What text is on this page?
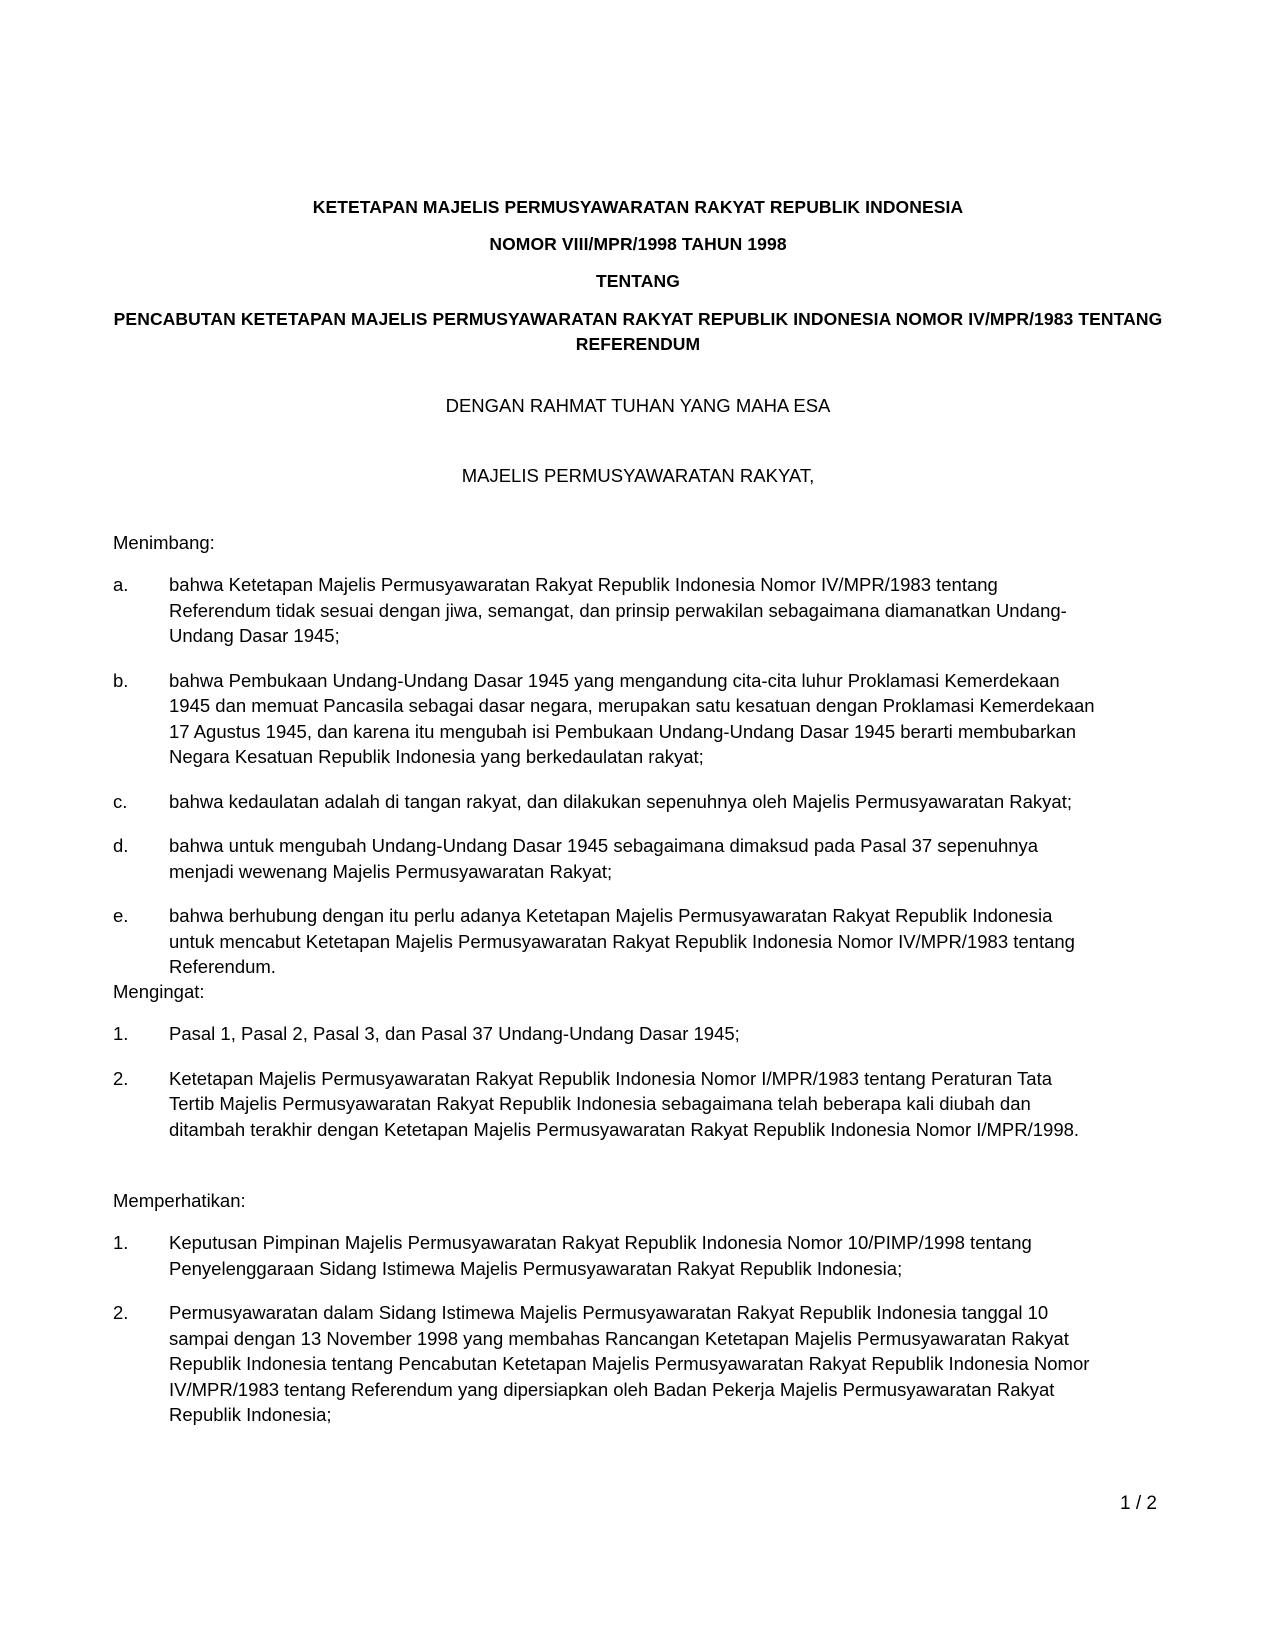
KETETAPAN MAJELIS PERMUSYAWARATAN RAKYAT REPUBLIK INDONESIA
NOMOR VIII/MPR/1998 TAHUN 1998
TENTANG
PENCABUTAN KETETAPAN MAJELIS PERMUSYAWARATAN RAKYAT REPUBLIK INDONESIA NOMOR IV/MPR/1983 TENTANG REFERENDUM
DENGAN RAHMAT TUHAN YANG MAHA ESA
MAJELIS PERMUSYAWARATAN RAKYAT,
Menimbang:
a.	bahwa Ketetapan Majelis Permusyawaratan Rakyat Republik Indonesia Nomor IV/MPR/1983 tentang Referendum tidak sesuai dengan jiwa, semangat, dan prinsip perwakilan sebagaimana diamanatkan Undang-Undang Dasar 1945;
b.	bahwa Pembukaan Undang-Undang Dasar 1945 yang mengandung cita-cita luhur Proklamasi Kemerdekaan 1945 dan memuat Pancasila sebagai dasar negara, merupakan satu kesatuan dengan Proklamasi Kemerdekaan 17 Agustus 1945, dan karena itu mengubah isi Pembukaan Undang-Undang Dasar 1945 berarti membubarkan Negara Kesatuan Republik Indonesia yang berkedaulatan rakyat;
c.	bahwa kedaulatan adalah di tangan rakyat, dan dilakukan sepenuhnya oleh Majelis Permusyawaratan Rakyat;
d.	bahwa untuk mengubah Undang-Undang Dasar 1945 sebagaimana dimaksud pada Pasal 37 sepenuhnya menjadi wewenang Majelis Permusyawaratan Rakyat;
e.	bahwa berhubung dengan itu perlu adanya Ketetapan Majelis Permusyawaratan Rakyat Republik Indonesia untuk mencabut Ketetapan Majelis Permusyawaratan Rakyat Republik Indonesia Nomor IV/MPR/1983 tentang Referendum.
Mengingat:
1.	Pasal 1, Pasal 2, Pasal 3, dan Pasal 37 Undang-Undang Dasar 1945;
2.	Ketetapan Majelis Permusyawaratan Rakyat Republik Indonesia Nomor I/MPR/1983 tentang Peraturan Tata Tertib Majelis Permusyawaratan Rakyat Republik Indonesia sebagaimana telah beberapa kali diubah dan ditambah terakhir dengan Ketetapan Majelis Permusyawaratan Rakyat Republik Indonesia Nomor I/MPR/1998.
Memperhatikan:
1.	Keputusan Pimpinan Majelis Permusyawaratan Rakyat Republik Indonesia Nomor 10/PIMP/1998 tentang Penyelenggaraan Sidang Istimewa Majelis Permusyawaratan Rakyat Republik Indonesia;
2.	Permusyawaratan dalam Sidang Istimewa Majelis Permusyawaratan Rakyat Republik Indonesia tanggal 10 sampai dengan 13 November 1998 yang membahas Rancangan Ketetapan Majelis Permusyawaratan Rakyat Republik Indonesia tentang Pencabutan Ketetapan Majelis Permusyawaratan Rakyat Republik Indonesia Nomor IV/MPR/1983 tentang Referendum yang dipersiapkan oleh Badan Pekerja Majelis Permusyawaratan Rakyat Republik Indonesia;
1 / 2
